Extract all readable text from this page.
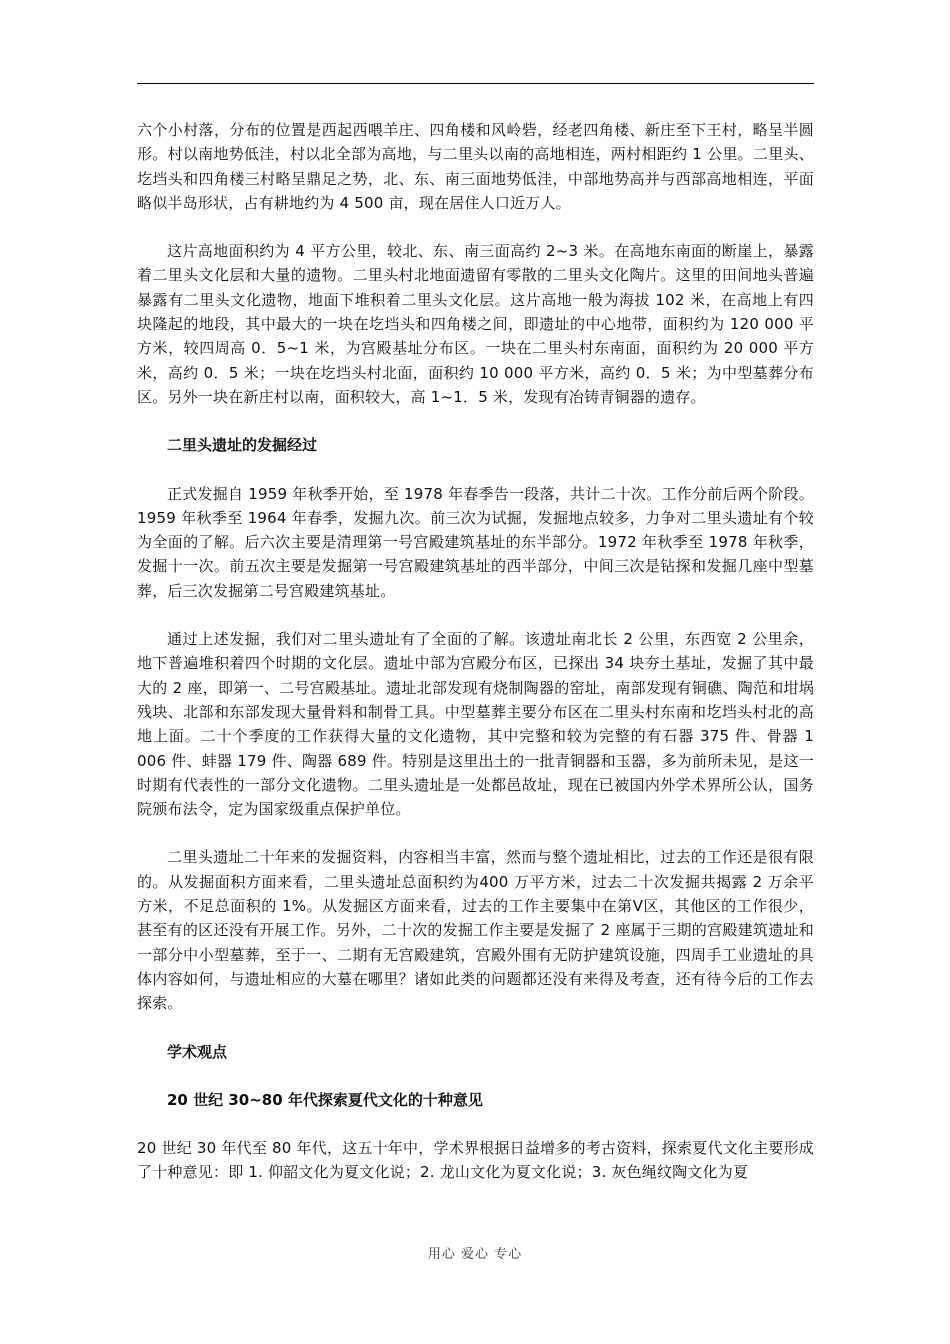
六个小村落，分布的位置是西起西喂羊庄、四角楼和风岭砦，经老四角楼、新庄至下王村，略呈半圆形。村以南地势低洼，村以北全部为高地，与二里头以南的高地相连，两村相距约 1 公里。二里头、圪垱头和四角楼三村略呈鼎足之势，北、东、南三面地势低洼，中部地势高并与西部高地相连，平面略似半岛形状，占有耕地约为 4 500 亩，现在居住人口近万人。

这片高地面积约为 4 平方公里，较北、东、南三面高约 2~3 米。在高地东南面的断崖上，暴露着二里头文化层和大量的遗物。二里头村北地面遗留有零散的二里头文化陶片。这里的田间地头普遍暴露有二里头文化遗物，地面下堆积着二里头文化层。这片高地一般为海拔 102 米，在高地上有四块隆起的地段，其中最大的一块在圪垱头和四角楼之间，即遗址的中心地带，面积约为 120 000 平方米，较四周高 0．5~1 米，为宫殿基址分布区。一块在二里头村东南面，面积约为 20 000 平方米，高约 0．5 米；一块在圪垱头村北面，面积约 10 000 平方米，高约 0．5 米；为中型墓葬分布区。另外一块在新庄村以南，面积较大，高 1~1．5 米，发现有冶铸青铜器的遗存。

二里头遗址的发掘经过

正式发掘自 1959 年秋季开始，至 1978 年春季告一段落，共计二十次。工作分前后两个阶段。1959 年秋季至 1964 年春季，发掘九次。前三次为试掘，发掘地点较多，力争对二里头遗址有个较为全面的了解。后六次主要是清理第一号宫殿建筑基址的东半部分。1972 年秋季至 1978 年秋季，发掘十一次。前五次主要是发掘第一号宫殿建筑基址的西半部分，中间三次是钻探和发掘几座中型墓葬，后三次发掘第二号宫殿建筑基址。

通过上述发掘，我们对二里头遗址有了全面的了解。该遗址南北长 2 公里，东西宽 2 公里余，地下普遍堆积着四个时期的文化层。遗址中部为宫殿分布区，已探出 34 块夯土基址，发掘了其中最大的 2 座，即第一、二号宫殿基址。遗址北部发现有烧制陶器的窑址，南部发现有铜礁、陶范和坩埚残块、北部和东部发现大量骨料和制骨工具。中型墓葬主要分布区在二里头村东南和圪垱头村北的高地上面。二十个季度的工作获得大量的文化遗物，其中完整和较为完整的有石器 375 件、骨器 1 006 件、蚌器 179 件、陶器 689 件。特别是这里出土的一批青铜器和玉器，多为前所未见，是这一时期有代表性的一部分文化遗物。二里头遗址是一处都邑故址，现在已被国内外学术界所公认，国务院颁布法令，定为国家级重点保护单位。

二里头遗址二十年来的发掘资料，内容相当丰富，然而与整个遗址相比，过去的工作还是很有限的。从发掘面积方面来看，二里头遗址总面积约为400 万平方米，过去二十次发掘共揭露 2 万余平方米，不足总面积的 1%。从发掘区方面来看，过去的工作主要集中在第Ⅴ区，其他区的工作很少，甚至有的区还没有开展工作。另外，二十次的发掘工作主要是发掘了 2 座属于三期的宫殿建筑遗址和一部分中小型墓葬，至于一、二期有无宫殿建筑，宫殿外围有无防护建筑设施，四周手工业遗址的具体内容如何，与遗址相应的大墓在哪里？诸如此类的问题都还没有来得及考查，还有待今后的工作去探索。

学术观点
20 世纪 30~80 年代探索夏代文化的十种意见

20 世纪 30 年代至 80 年代，这五十年中，学术界根据日益增多的考古资料，探索夏代文化主要形成了十种意见：即 1. 仰韶文化为夏文化说；2. 龙山文化为夏文化说；3. 灰色绳纹陶文化为夏

用心 爱心 专心
